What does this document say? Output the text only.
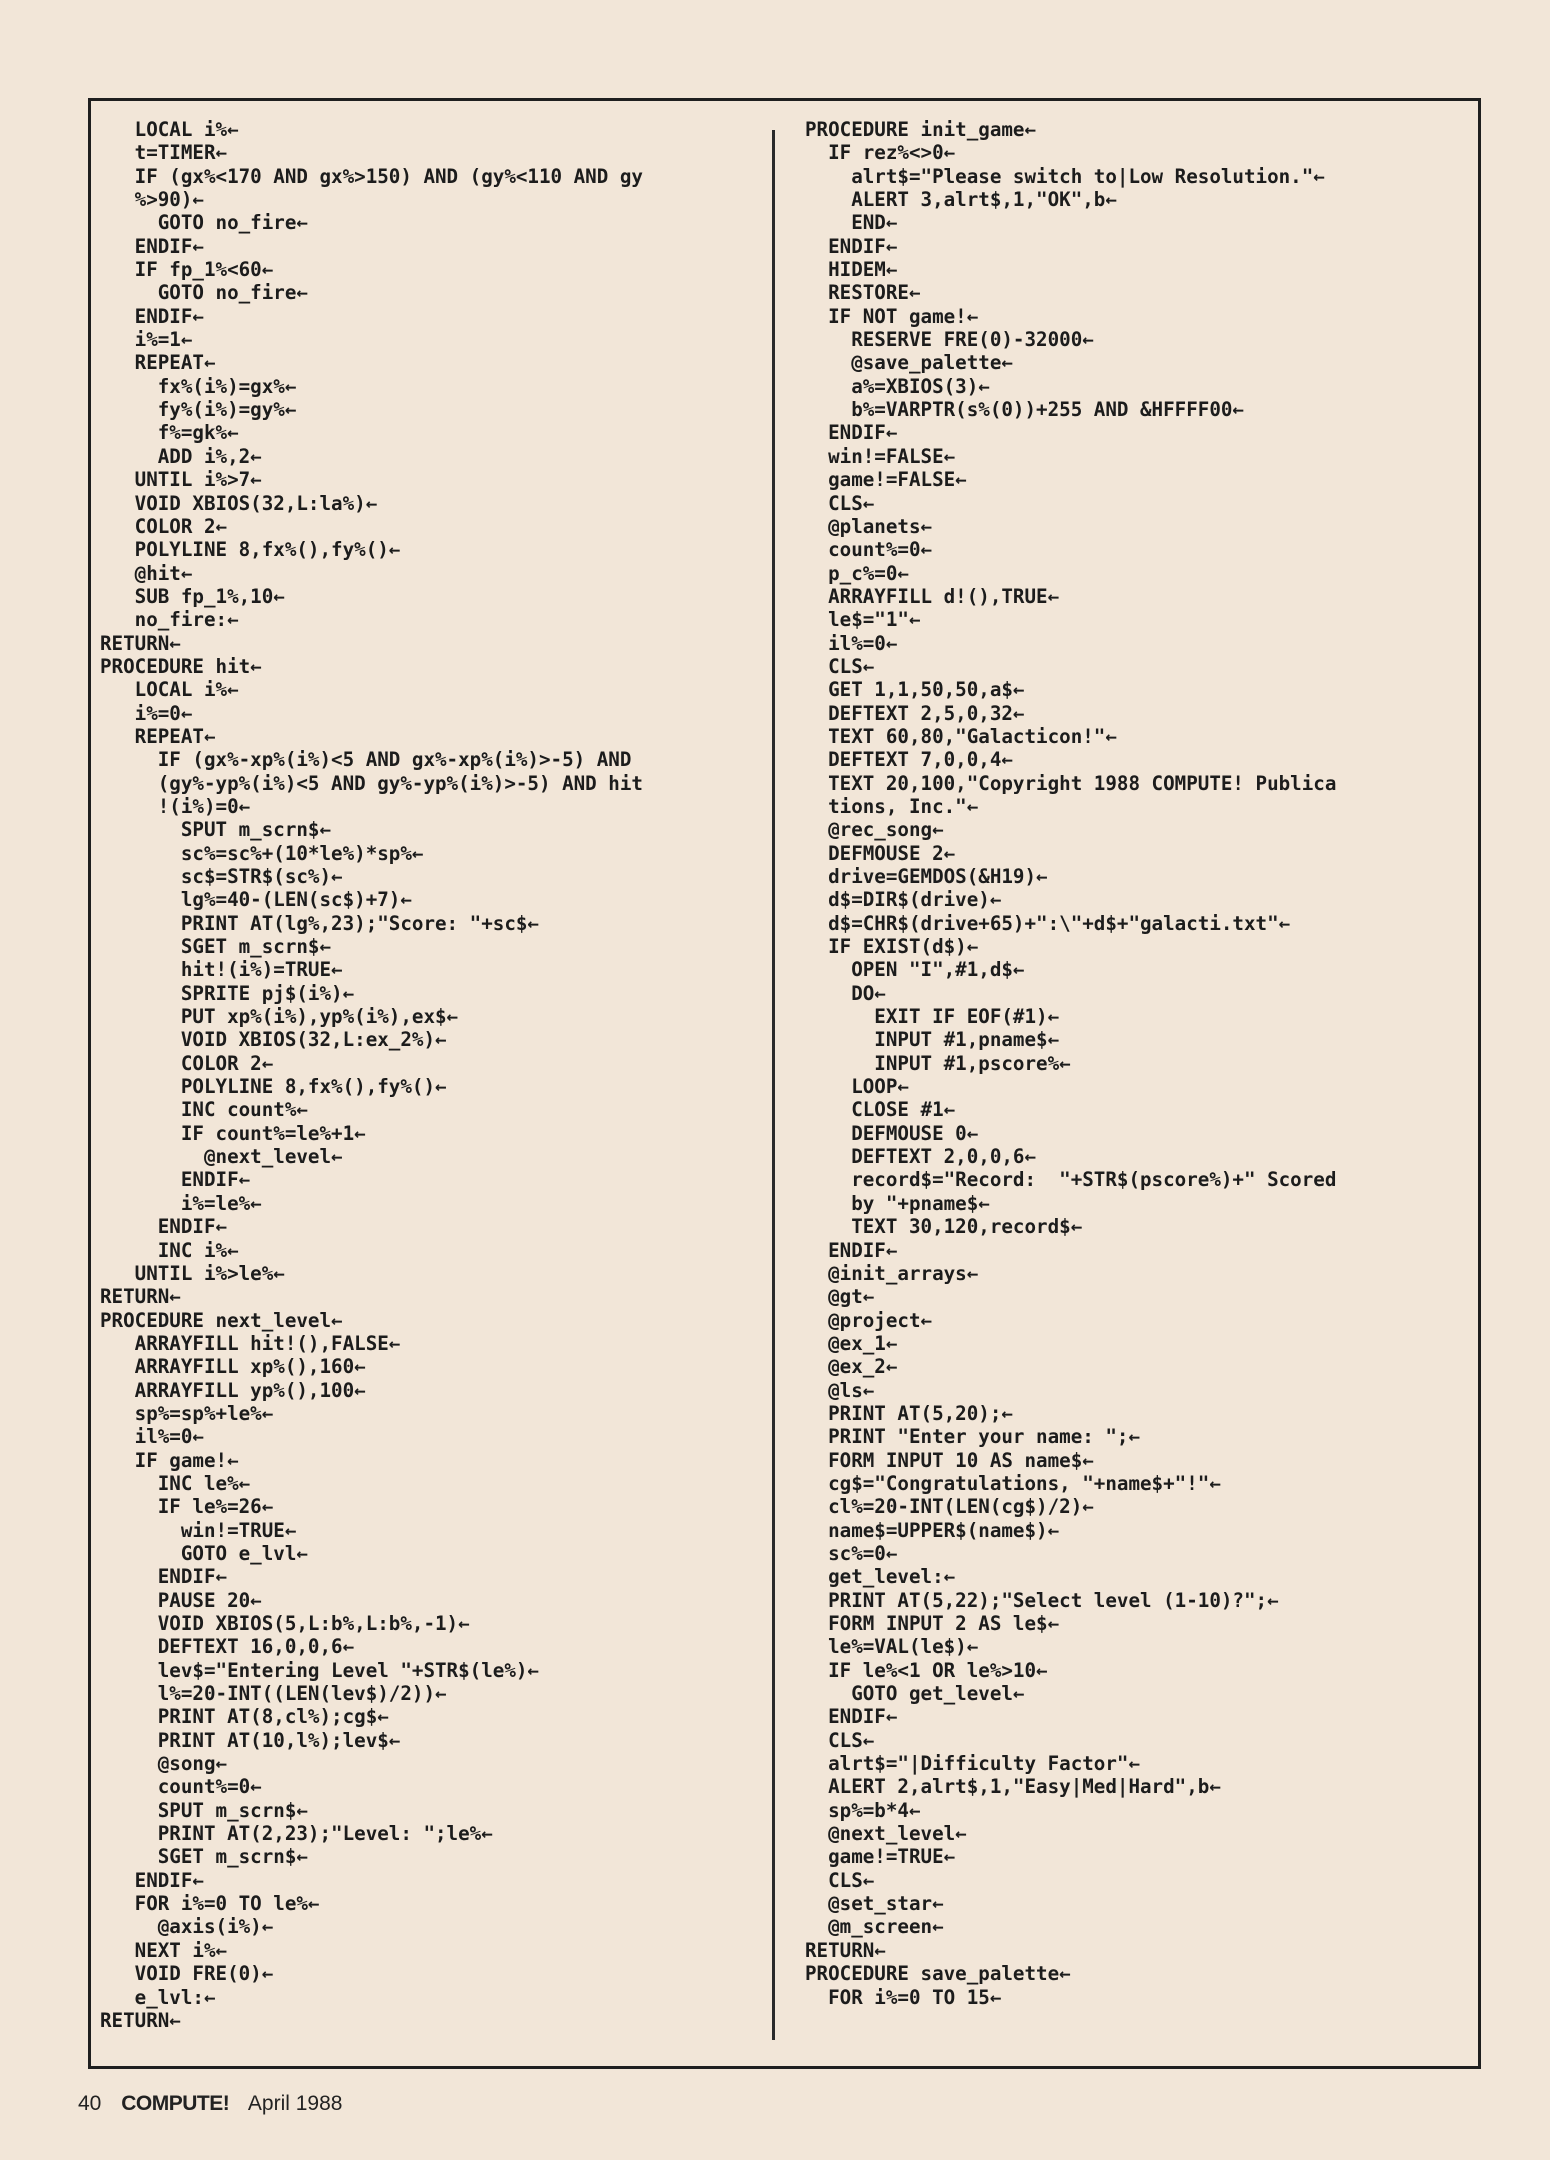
LOCAL i%←
t=TIMER←
IF (gx%<170 AND gx%>150) AND (gy%<110 AND gy
%>90)←
GOTO no_fire←
ENDIF←
IF fp_1%<60←
GOTO no_fire←
ENDIF←
i%=1←
REPEAT←
fx%(i%)=gx%←
fy%(i%)=gy%←
f%=gk%←
ADD i%,2←
UNTIL i%>7←
VOID XBIOS(32,L:la%)←
COLOR 2←
POLYLINE 8,fx%(),fy%()←
@hit←
SUB fp_1%,10←
no_fire:←
RETURN←
PROCEDURE hit←
LOCAL i%←
i%=0←
REPEAT←
IF (gx%-xp%(i%)<5 AND gx%-xp%(i%)>-5) AND
(gy%-yp%(i%)<5 AND gy%-yp%(i%)>-5) AND hit
!(i%)=0←
SPUT m_scrn$←
sc%=sc%+(10*le%)*sp%←
sc$=STR$(sc%)←
lg%=40-(LEN(sc$)+7)←
PRINT AT(lg%,23);"Score: "+sc$←
SGET m_scrn$←
hit!(i%)=TRUE←
SPRITE pj$(i%)←
PUT xp%(i%),yp%(i%),ex$←
VOID XBIOS(32,L:ex_2%)←
COLOR 2←
POLYLINE 8,fx%(),fy%()←
INC count%←
IF count%=le%+1←
@next_level←
ENDIF←
i%=le%←
ENDIF←
INC i%←
UNTIL i%>le%←
RETURN←
PROCEDURE next_level←
ARRAYFILL hit!(),FALSE←
ARRAYFILL xp%(),160←
ARRAYFILL yp%(),100←
sp%=sp%+le%←
il%=0←
IF game!←
INC le%←
IF le%=26←
win!=TRUE←
GOTO e_lvl←
ENDIF←
PAUSE 20←
VOID XBIOS(5,L:b%,L:b%,-1)←
DEFTEXT 16,0,0,6←
lev$="Entering Level "+STR$(le%)←
l%=20-INT((LEN(lev$)/2))←
PRINT AT(8,cl%);cg$←
PRINT AT(10,l%);lev$←
@song←
count%=0←
SPUT m_scrn$←
PRINT AT(2,23);"Level: ";le%←
SGET m_scrn$←
ENDIF←
FOR i%=0 TO le%←
@axis(i%)←
NEXT i%←
VOID FRE(0)←
e_lvl:←
RETURN←
PROCEDURE init_game←
IF rez%<>0←
alrt$="Please switch to|Low Resolution."←
ALERT 3,alrt$,1,"OK",b←
END←
ENDIF←
HIDEM←
RESTORE←
IF NOT game!←
RESERVE FRE(0)-32000←
@save_palette←
a%=XBIOS(3)←
b%=VARPTR(s%(0))+255 AND &HFFFF00←
ENDIF←
win!=FALSE←
game!=FALSE←
CLS←
@planets←
count%=0←
p_c%=0←
ARRAYFILL d!(),TRUE←
le$="1"←
il%=0←
CLS←
GET 1,1,50,50,a$←
DEFTEXT 2,5,0,32←
TEXT 60,80,"Galacticon!"←
DEFTEXT 7,0,0,4←
TEXT 20,100,"Copyright 1988 COMPUTE! Publica
tions, Inc."←
@rec_song←
DEFMOUSE 2←
drive=GEMDOS(&H19)←
d$=DIR$(drive)←
d$=CHR$(drive+65)+":\"+d$+"galacti.txt"←
IF EXIST(d$)←
OPEN "I",#1,d$←
DO←
EXIT IF EOF(#1)←
INPUT #1,pname$←
INPUT #1,pscore%←
LOOP←
CLOSE #1←
DEFMOUSE 0←
DEFTEXT 2,0,0,6←
record$="Record:  "+STR$(pscore%)+" Scored
by "+pname$←
TEXT 30,120,record$←
ENDIF←
@init_arrays←
@gt←
@project←
@ex_1←
@ex_2←
@ls←
PRINT AT(5,20);←
PRINT "Enter your name: ";←
FORM INPUT 10 AS name$←
cg$="Congratulations, "+name$+"!"←
cl%=20-INT(LEN(cg$)/2)←
name$=UPPER$(name$)←
sc%=0←
get_level:←
PRINT AT(5,22);"Select level (1-10)?";←
FORM INPUT 2 AS le$←
le%=VAL(le$)←
IF le%<1 OR le%>10←
GOTO get_level←
ENDIF←
CLS←
alrt$="|Difficulty Factor"←
ALERT 2,alrt$,1,"Easy|Med|Hard",b←
sp%=b*4←
@next_level←
game!=TRUE←
CLS←
@set_star←
@m_screen←
RETURN←
PROCEDURE save_palette←
FOR i%=0 TO 15←
40 COMPUTE! April 1988
